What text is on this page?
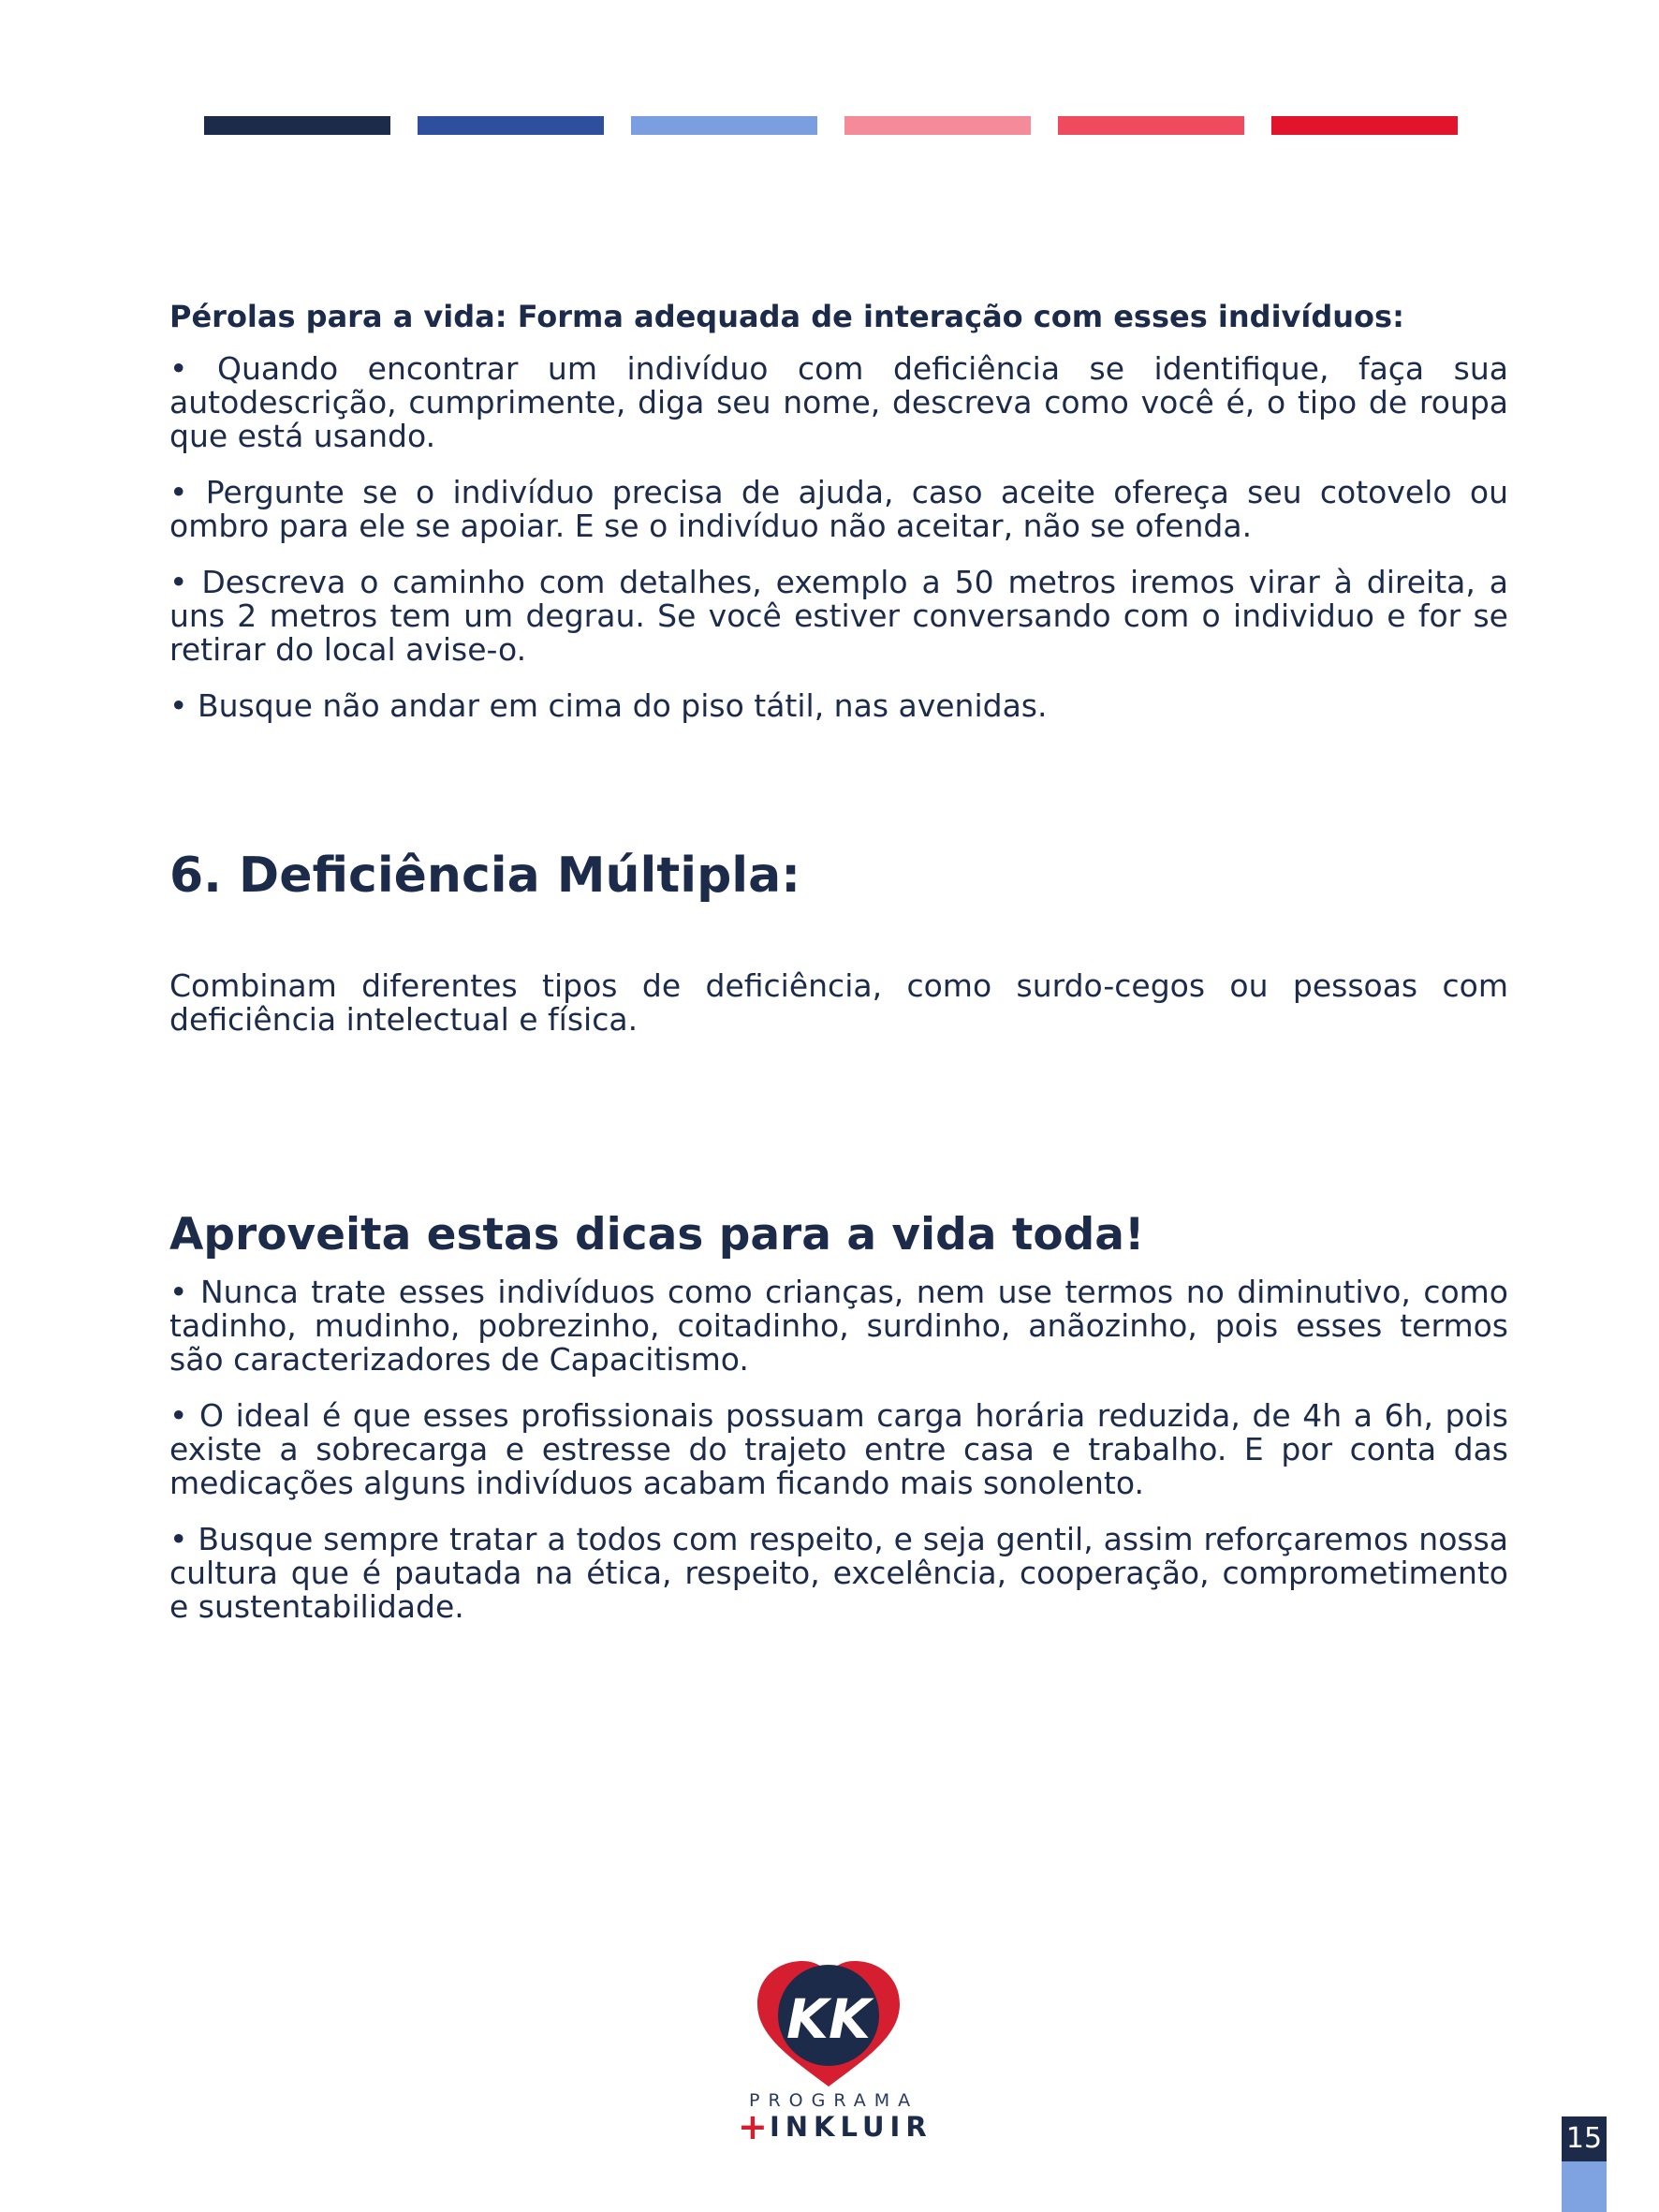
Pérolas para a vida: Forma adequada de interação com esses indivíduos:

• Quando encontrar um indivíduo com deficiência se identifique, faça sua autodescrição, cumprimente, diga seu nome, descreva como você é, o tipo de roupa que está usando.

• Pergunte se o indivíduo precisa de ajuda, caso aceite ofereça seu cotovelo ou ombro para ele se apoiar. E se o indivíduo não aceitar, não se ofenda.

• Descreva o caminho com detalhes, exemplo a 50 metros iremos virar à direita, a uns 2 metros tem um degrau. Se você estiver conversando com o individuo e for se retirar do local avise-o.

• Busque não andar em cima do piso tátil, nas avenidas.

6. Deficiência Múltipla:

Combinam diferentes tipos de deficiência, como surdo-cegos ou pessoas com deficiência intelectual e física.

Aproveita estas dicas para a vida toda!

• Nunca trate esses indivíduos como crianças, nem use termos no diminutivo, como tadinho, mudinho, pobrezinho, coitadinho, surdinho, anãozinho, pois esses termos são caracterizadores de Capacitismo.

• O ideal é que esses profissionais possuam carga horária reduzida, de 4h a 6h, pois existe a sobrecarga e estresse do trajeto entre casa e trabalho. E por conta das medicações alguns indivíduos acabam ficando mais sonolento.

• Busque sempre tratar a todos com respeito, e seja gentil, assim reforçaremos nossa cultura que é pautada na ética, respeito, excelência, cooperação, comprometimento e sustentabilidade.

KK
PROGRAMA
+ INKLUIR	15
